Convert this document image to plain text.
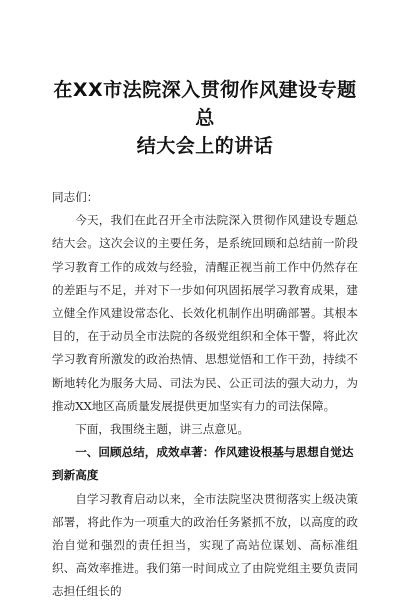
在XX市法院深入贯彻作风建设专题总
结大会上的讲话

同志们：

今天，我们在此召开全市法院深入贯彻作风建设专题总结大会。这次会议的主要任务，是系统回顾和总结前一阶段学习教育工作的成效与经验，清醒正视当前工作中仍然存在的差距与不足，并对下一步如何巩固拓展学习教育成果，建立健全作风建设常态化、长效化机制作出明确部署。其根本目的，在于动员全市法院的各级党组织和全体干警，将此次学习教育所激发的政治热情、思想觉悟和工作干劲，持续不断地转化为服务大局、司法为民、公正司法的强大动力，为推动XX地区高质量发展提供更加坚实有力的司法保障。

下面，我围绕主题，讲三点意见。

一、回顾总结，成效卓著：作风建设根基与思想自觉达到新高度

自学习教育启动以来，全市法院坚决贯彻落实上级决策部署，将此作为一项重大的政治任务紧抓不放，以高度的政治自觉和强烈的责任担当，实现了高站位谋划、高标准组织、高效率推进。我们第一时间成立了由院党组主要负责同志担任组长的
